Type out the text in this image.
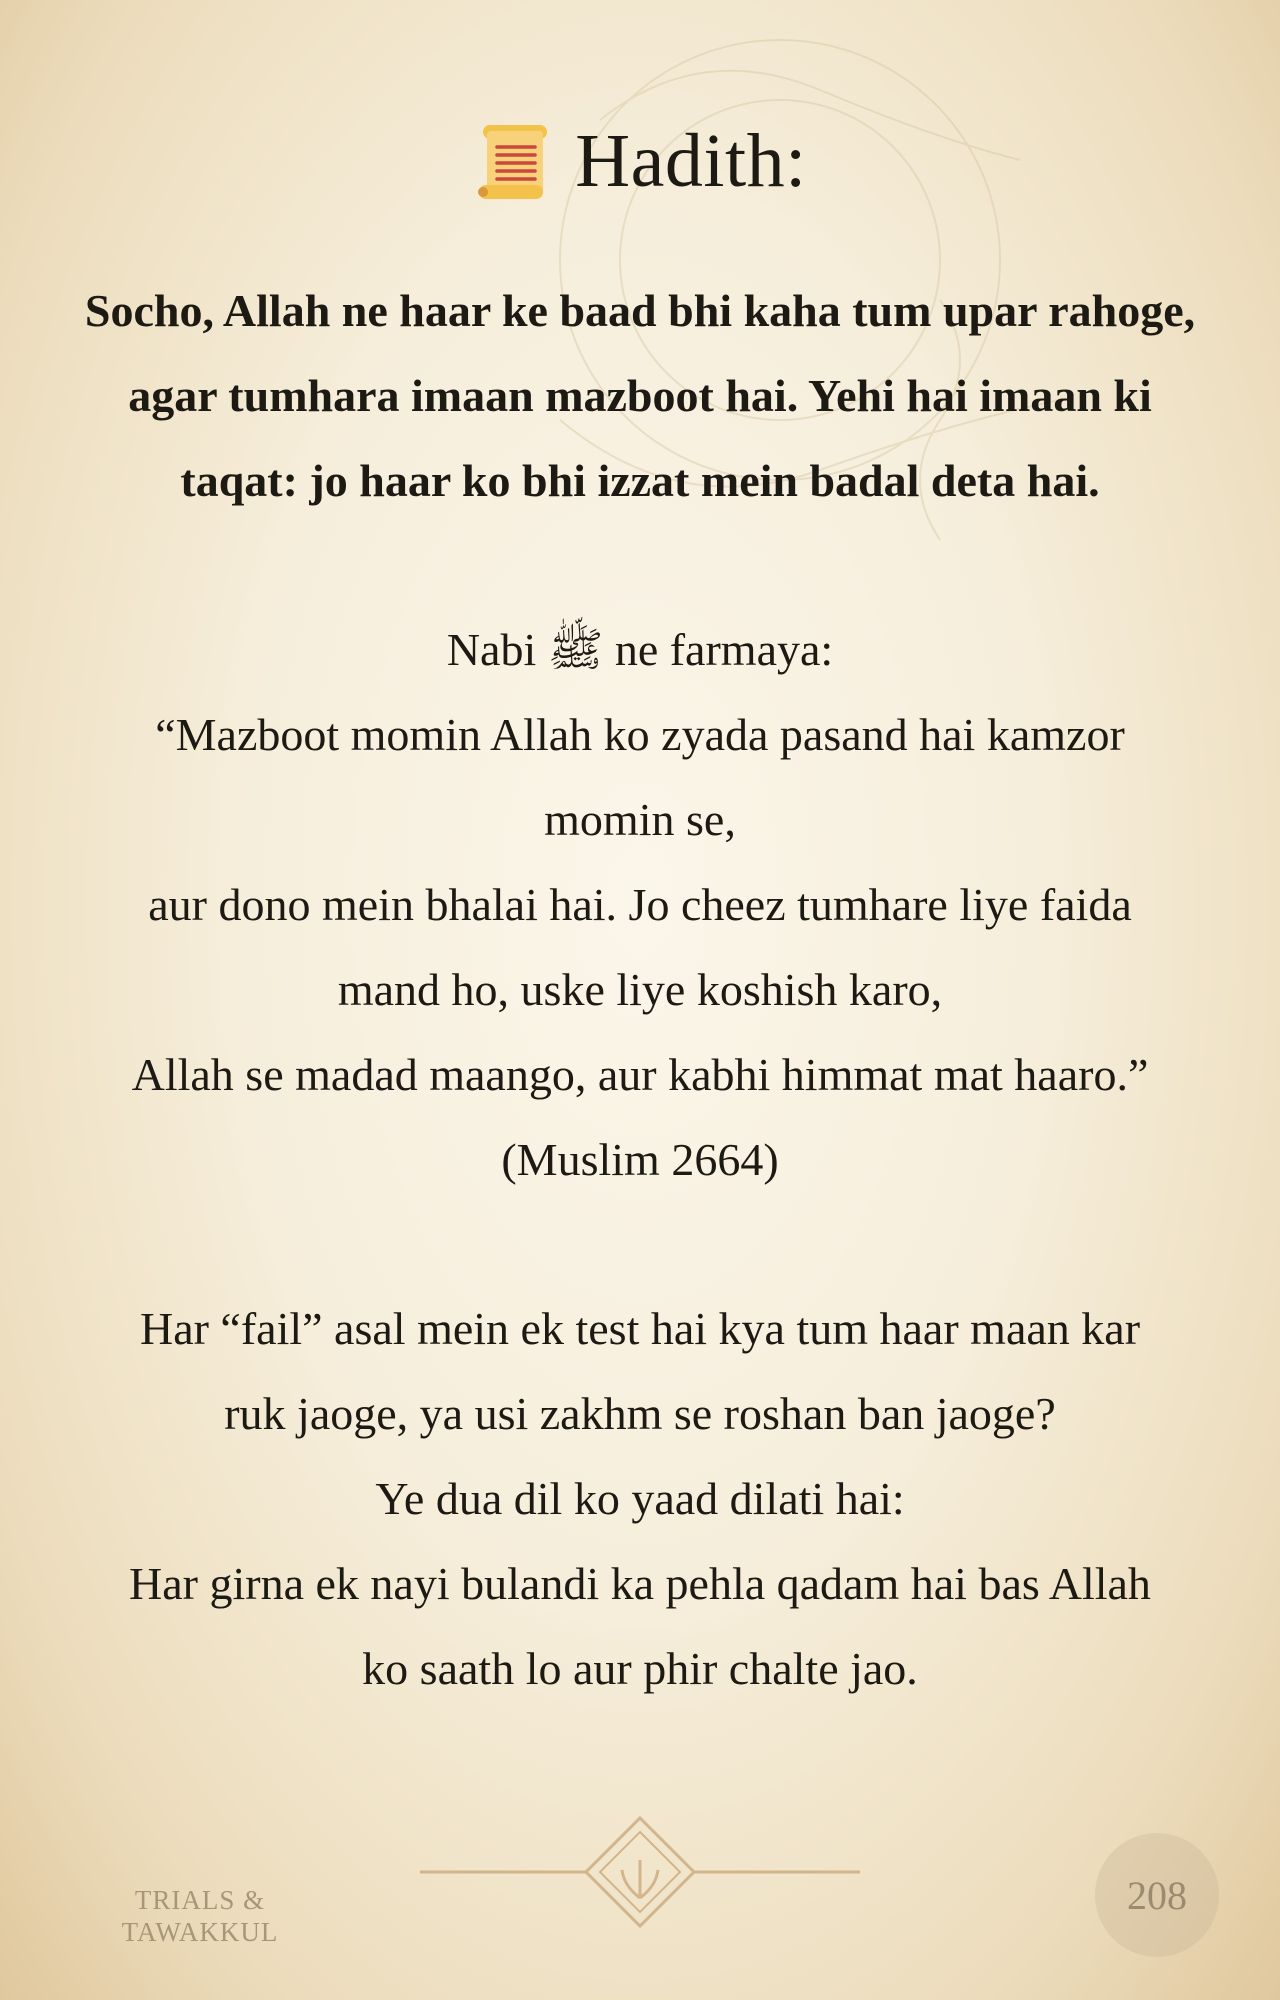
Hadith:
Socho, Allah ne haar ke baad bhi kaha tum upar rahoge,
agar tumhara imaan mazboot hai. Yehi hai imaan ki
taqat: jo haar ko bhi izzat mein badal deta hai.
Nabi ﷺ ne farmaya:
“Mazboot momin Allah ko zyada pasand hai kamzor
momin se,
aur dono mein bhalai hai. Jo cheez tumhare liye faida
mand ho, uske liye koshish karo,
Allah se madad maango, aur kabhi himmat mat haaro.”
(Muslim 2664)
Har “fail” asal mein ek test hai kya tum haar maan kar
ruk jaoge, ya usi zakhm se roshan ban jaoge?
Ye dua dil ko yaad dilati hai:
Har girna ek nayi bulandi ka pehla qadam hai bas Allah
ko saath lo aur phir chalte jao.
TRIALS &
TAWAKKUL
208
